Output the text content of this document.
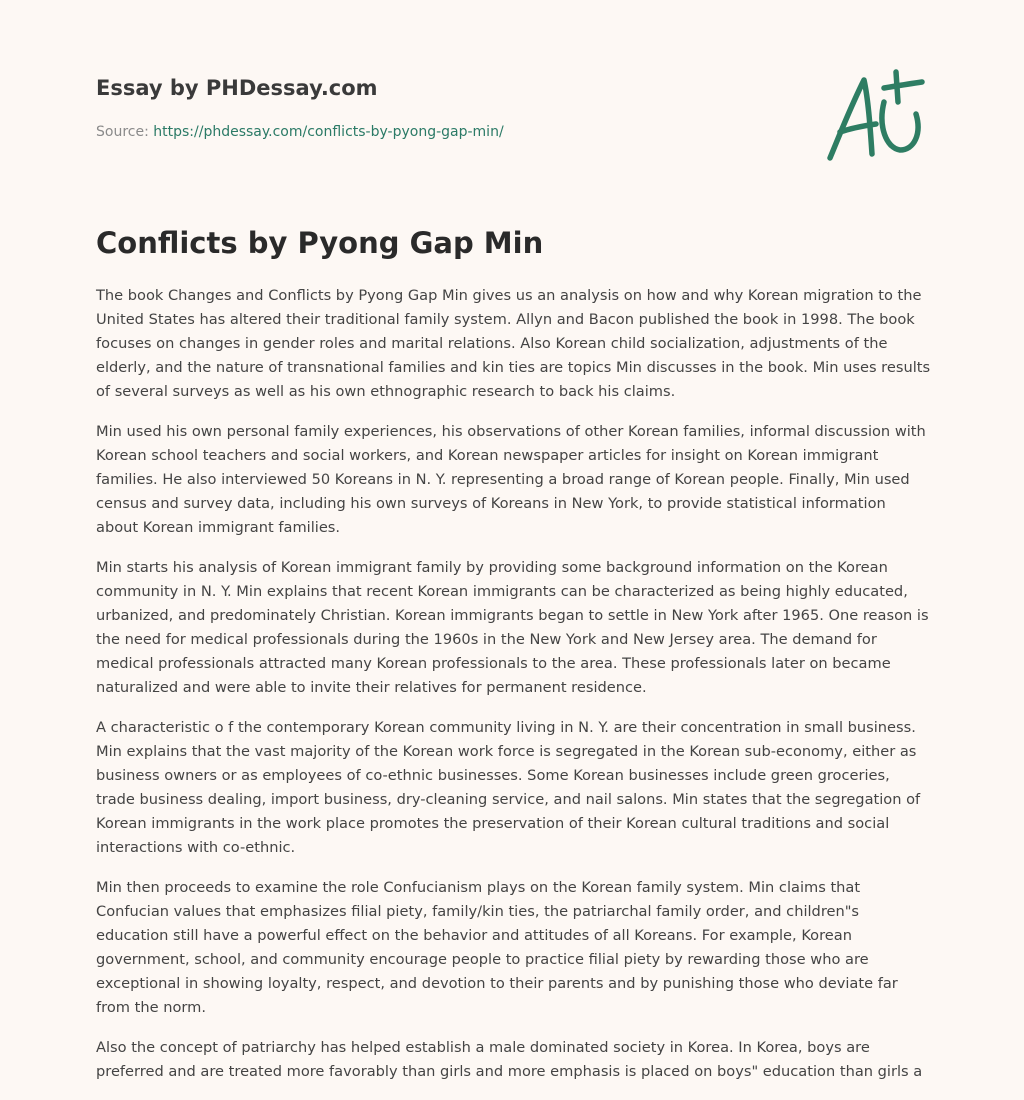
Essay by PHDessay.com
Source: https://phdessay.com/conflicts-by-pyong-gap-min/
Conflicts by Pyong Gap Min

The book Changes and Conflicts by Pyong Gap Min gives us an analysis on how and why Korean migration to the United States has altered their traditional family system. Allyn and Bacon published the book in 1998. The book focuses on changes in gender roles and marital relations. Also Korean child socialization, adjustments of the elderly, and the nature of transnational families and kin ties are topics Min discusses in the book. Min uses results of several surveys as well as his own ethnographic research to back his claims.

Min used his own personal family experiences, his observations of other Korean families, informal discussion with Korean school teachers and social workers, and Korean newspaper articles for insight on Korean immigrant families. He also interviewed 50 Koreans in N. Y. representing a broad range of Korean people. Finally, Min used census and survey data, including his own surveys of Koreans in New York, to provide statistical information about Korean immigrant families.

Min starts his analysis of Korean immigrant family by providing some background information on the Korean community in N. Y. Min explains that recent Korean immigrants can be characterized as being highly educated, urbanized, and predominately Christian. Korean immigrants began to settle in New York after 1965. One reason is the need for medical professionals during the 1960s in the New York and New Jersey area. The demand for medical professionals attracted many Korean professionals to the area. These professionals later on became naturalized and were able to invite their relatives for permanent residence.

A characteristic o f the contemporary Korean community living in N. Y. are their concentration in small business. Min explains that the vast majority of the Korean work force is segregated in the Korean sub-economy, either as business owners or as employees of co-ethnic businesses. Some Korean businesses include green groceries, trade business dealing, import business, dry-cleaning service, and nail salons. Min states that the segregation of Korean immigrants in the work place promotes the preservation of their Korean cultural traditions and social interactions with co-ethnic.

Min then proceeds to examine the role Confucianism plays on the Korean family system. Min claims that Confucian values that emphasizes filial piety, family/kin ties, the patriarchal family order, and children"s education still have a powerful effect on the behavior and attitudes of all Koreans. For example, Korean government, school, and community encourage people to practice filial piety by rewarding those who are exceptional in showing loyalty, respect, and devotion to their parents and by punishing those who deviate far from the norm.

Also the concept of patriarchy has helped establish a male dominated society in Korea. In Korea, boys are preferred and are treated more favorably than girls and more emphasis is placed on boys" education than girls a
